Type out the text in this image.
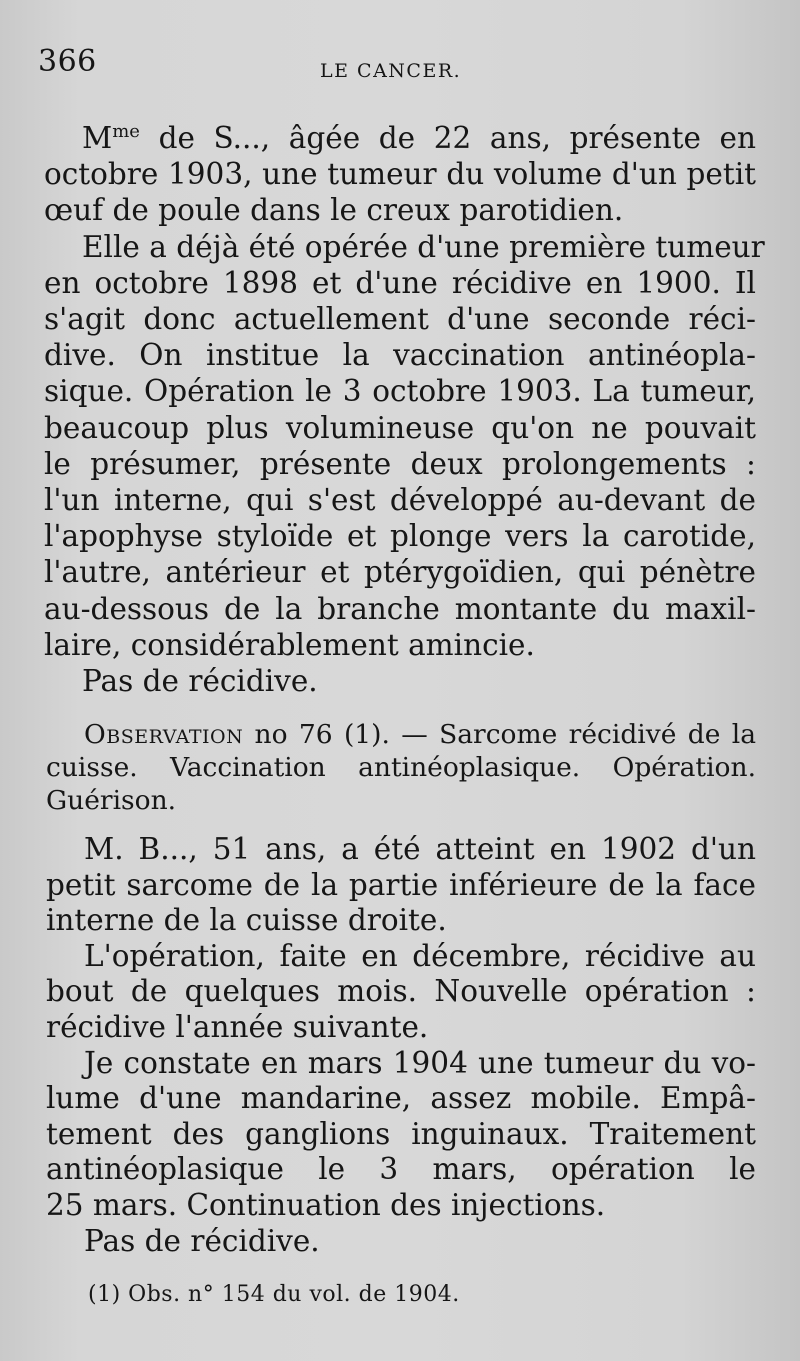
366	LE CANCER.
$M^{me}$ de S..., âgée de 22 ans, présente en
octobre 1903, une tumeur du volume d'un petit
œuf de poule dans le creux parotidien.
Elle a déjà été opérée d'une première tumeur
en octobre 1898 et d'une récidive en 1900. Il
s'agit donc actuellement d'une seconde réci-
dive. On institue la vaccination antinéopla-
sique. Opération le 3 octobre 1903. La tumeur,
beaucoup plus volumineuse qu'on ne pouvait
le présumer, présente deux prolongements :
l'un interne, qui s'est développé au-devant de
l'apophyse styloïde et plonge vers la carotide,
l'autre, antérieur et ptérygoïdien, qui pénètre
au-dessous de la branche montante du maxil-
laire, considérablement amincie.
Pas de récidive.
Observation no 76 (1). — Sarcome récidivé de la
cuisse. Vaccination antinéoplasique. Opération.
Guérison.
M. B..., 51 ans, a été atteint en 1902 d'un
petit sarcome de la partie inférieure de la face
interne de la cuisse droite.
L'opération, faite en décembre, récidive au
bout de quelques mois. Nouvelle opération :
récidive l'année suivante.
Je constate en mars 1904 une tumeur du vo-
lume d'une mandarine, assez mobile. Empâ-
tement des ganglions inguinaux. Traitement
antinéoplasique le 3 mars, opération le
25 mars. Continuation des injections.
Pas de récidive.
(1) Obs. n° 154 du vol. de 1904.
